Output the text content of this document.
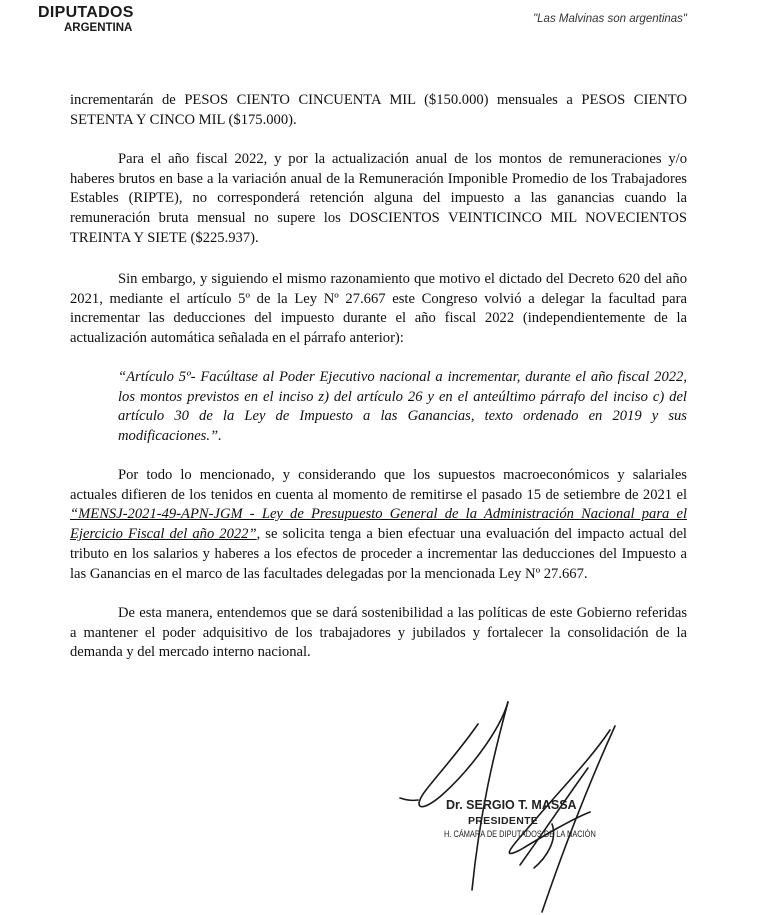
DIPUTADOS
ARGENTINA
"Las Malvinas son argentinas"
incrementarán de PESOS CIENTO CINCUENTA MIL ($150.000) mensuales a PESOS CIENTO SETENTA Y CINCO MIL ($175.000).
Para el año fiscal 2022, y por la actualización anual de los montos de remuneraciones y/o haberes brutos en base a la variación anual de la Remuneración Imponible Promedio de los Trabajadores Estables (RIPTE), no corresponderá retención alguna del impuesto a las ganancias cuando la remuneración bruta mensual no supere los DOSCIENTOS VEINTICINCO MIL NOVECIENTOS TREINTA Y SIETE ($225.937).
Sin embargo, y siguiendo el mismo razonamiento que motivo el dictado del Decreto 620 del año 2021, mediante el artículo 5º de la Ley Nº 27.667 este Congreso volvió a delegar la facultad para incrementar las deducciones del impuesto durante el año fiscal 2022 (independientemente de la actualización automática señalada en el párrafo anterior):
“Artículo 5º- Facúltase al Poder Ejecutivo nacional a incrementar, durante el año fiscal 2022, los montos previstos en el inciso z) del artículo 26 y en el anteúltimo párrafo del inciso c) del artículo 30 de la Ley de Impuesto a las Ganancias, texto ordenado en 2019 y sus modificaciones.”.
Por todo lo mencionado, y considerando que los supuestos macroeconómicos y salariales actuales difieren de los tenidos en cuenta al momento de remitirse el pasado 15 de setiembre de 2021 el “MENSJ-2021-49-APN-JGM - Ley de Presupuesto General de la Administración Nacional para el Ejercicio Fiscal del año 2022”, se solicita tenga a bien efectuar una evaluación del impacto actual del tributo en los salarios y haberes a los efectos de proceder a incrementar las deducciones del Impuesto a las Ganancias en el marco de las facultades delegadas por la mencionada Ley Nº 27.667.
De esta manera, entendemos que se dará sostenibilidad a las políticas de este Gobierno referidas a mantener el poder adquisitivo de los trabajadores y jubilados y fortalecer la consolidación de la demanda y del mercado interno nacional.
Dr. SERGIO T. MASSA
PRESIDENTE
H. CÁMARA DE DIPUTADOS DE LA NACIÓN
